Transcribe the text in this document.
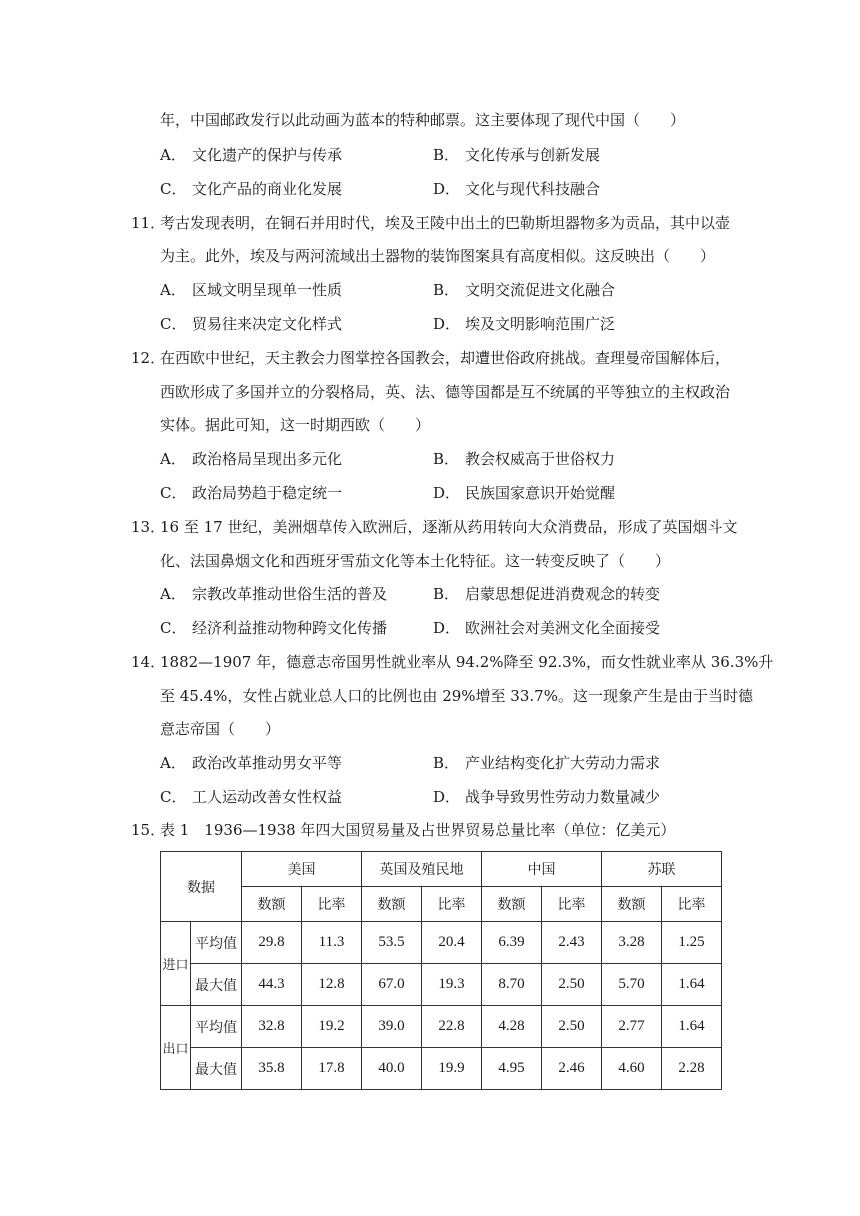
年，中国邮政发行以此动画为蓝本的特种邮票。这主要体现了现代中国（　　）
A． 文化遗产的保护与传承	B． 文化传承与创新发展
C． 文化产品的商业化发展	D． 文化与现代科技融合
11．
考古发现表明，在铜石并用时代，埃及王陵中出土的巴勒斯坦器物多为贡品，其中以壶
为主。此外，埃及与两河流域出土器物的装饰图案具有高度相似。这反映出（　　）
A． 区域文明呈现单一性质	B． 文明交流促进文化融合
C． 贸易往来决定文化样式	D． 埃及文明影响范围广泛
12．
在西欧中世纪，天主教会力图掌控各国教会，却遭世俗政府挑战。查理曼帝国解体后，
西欧形成了多国并立的分裂格局，英、法、德等国都是互不统属的平等独立的主权政治
实体。据此可知，这一时期西欧（　　）
A． 政治格局呈现出多元化	B． 教会权威高于世俗权力
C． 政治局势趋于稳定统一	D． 民族国家意识开始觉醒
13．
16 至 17 世纪，美洲烟草传入欧洲后，逐渐从药用转向大众消费品，形成了英国烟斗文
化、法国鼻烟文化和西班牙雪茄文化等本土化特征。这一转变反映了（　　）
A． 宗教改革推动世俗生活的普及	B． 启蒙思想促进消费观念的转变
C． 经济利益推动物种跨文化传播	D． 欧洲社会对美洲文化全面接受
14．
1882—1907 年，德意志帝国男性就业率从 94.2%降至 92.3%，而女性就业率从 36.3%升
至 45.4%，女性占就业总人口的比例也由 29%增至 33.7%。这一现象产生是由于当时德
意志帝国（　　）
A． 政治改革推动男女平等	B． 产业结构变化扩大劳动力需求
C． 工人运动改善女性权益	D． 战争导致男性劳动力数量减少
15．
表 1　1936—1938 年四大国贸易量及占世界贸易总量比率（单位：亿美元）
数据		美国		英国及殖民地		中国		苏联	
		数额	比率	数额	比率	数额	比率	数额	比率
进口	平均值	29.8	11.3	53.5	20.4	6.39	2.43	3.28	1.25
	最大值	44.3	12.8	67.0	19.3	8.70	2.50	5.70	1.64
出口	平均值	32.8	19.2	39.0	22.8	4.28	2.50	2.77	1.64
	最大值	35.8	17.8	40.0	19.9	4.95	2.46	4.60	2.28
